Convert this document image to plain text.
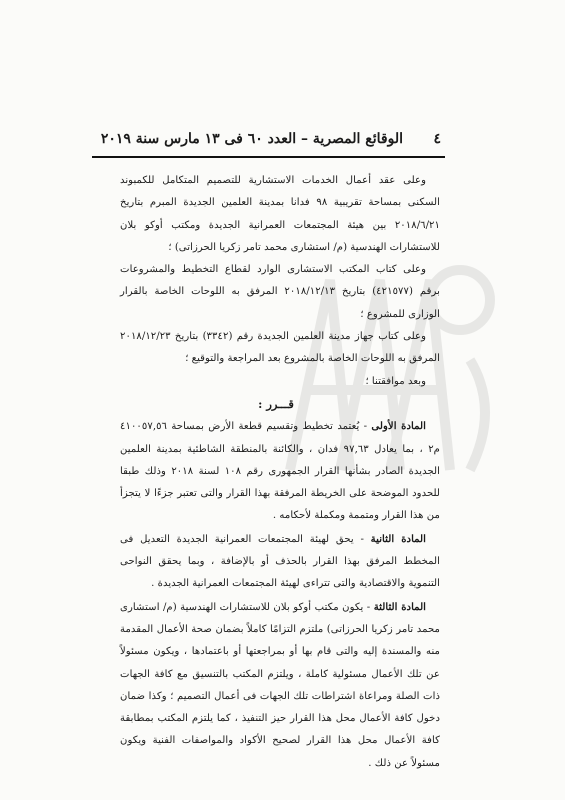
٤
الوقائع المصرية – العدد ٦٠ فى ١٣ مارس سنة ٢٠١٩

وعلى عقد أعمال الخدمات الاستشارية للتصميم المتكامل للكمبوند السكنى بمساحة تقريبية ٩٨ فدانا بمدينة العلمين الجديدة المبرم بتاريخ ٢٠١٨/٦/٢١ بين هيئة المجتمعات العمرانية الجديدة ومكتب أوكو بلان للاستشارات الهندسية (م/ استشارى محمد تامر زكريا الحرزاتى) ؛

وعلى كتاب المكتب الاستشارى الوارد لقطاع التخطيط والمشروعات برقم (٤٢١٥٧٧) بتاريخ ٢٠١٨/١٢/١٣ المرفق به اللوحات الخاصة بالقرار الوزارى للمشروع ؛

وعلى كتاب جهاز مدينة العلمين الجديدة رقم (٣٣٤٢) بتاريخ ٢٠١٨/١٢/٢٣ المرفق به اللوحات الخاصة بالمشروع بعد المراجعة والتوقيع ؛

وبعد موافقتنا ؛

قـــرر :

المادة الأولى - يُعتمد تخطيط وتقسيم قطعة الأرض بمساحة ٤١٠٠٥٧,٥٦ م٢ ، بما يعادل ٩٧,٦٣ فدان ، والكائنة بالمنطقة الشاطئية بمدينة العلمين الجديدة الصادر بشأنها القرار الجمهورى رقم ١٠٨ لسنة ٢٠١٨ وذلك طبقا للحدود الموضحة على الخريطة المرفقة بهذا القرار والتى تعتبر جزءًا لا يتجزأ من هذا القرار ومتممة ومكملة لأحكامه .

المادة الثانية - يحق لهيئة المجتمعات العمرانية الجديدة التعديل فى المخطط المرفق بهذا القرار بالحذف أو بالإضافة ، وبما يحقق النواحى التنموية والاقتصادية والتى تتراءى لهيئة المجتمعات العمرانية الجديدة .

المادة الثالثة - يكون مكتب أوكو بلان للاستشارات الهندسية (م/ استشارى محمد تامر زكريا الحرزاتى) ملتزم التزامًا كاملاً بضمان صحة الأعمال المقدمة منه والمسندة إليه والتى قام بها أو بمراجعتها أو باعتمادها ، ويكون مسئولاً عن تلك الأعمال مسئولية كاملة ، ويلتزم المكتب بالتنسيق مع كافة الجهات ذات الصلة ومراعاة اشتراطات تلك الجهات فى أعمال التصميم ؛ وكذا ضمان دخول كافة الأعمال محل هذا القرار حيز التنفيذ ، كما يلتزم المكتب بمطابقة كافة الأعمال محل هذا القرار لصحيح الأكواد والمواصفات الفنية ويكون مسئولاً عن ذلك .
